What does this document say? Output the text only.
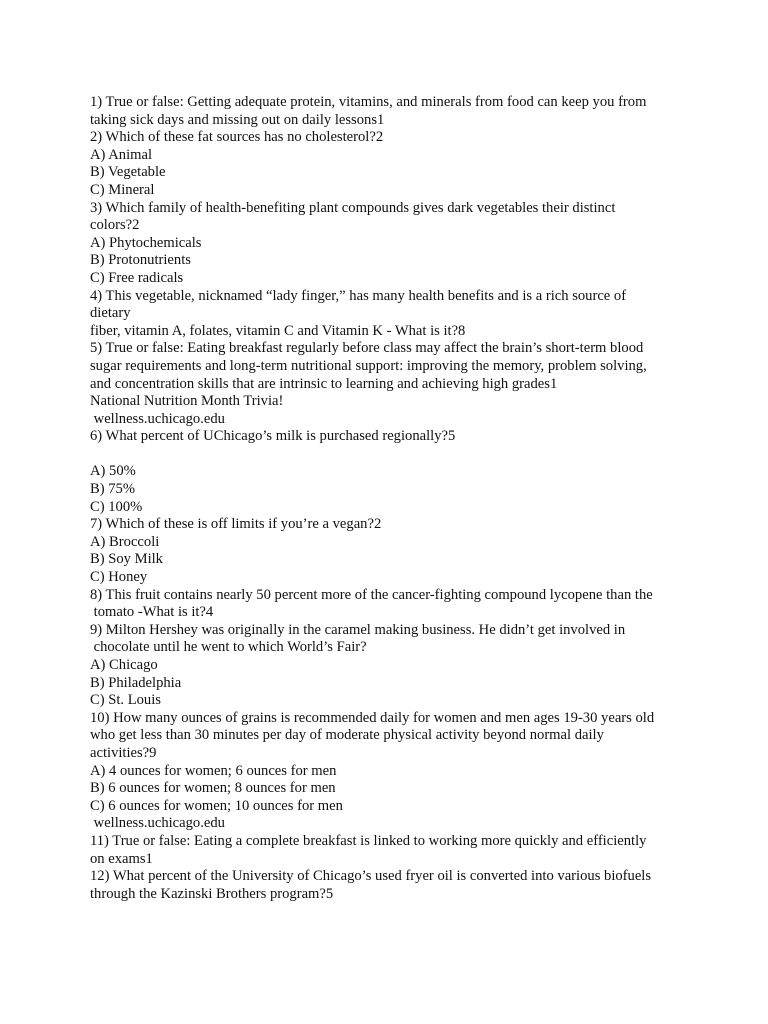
1) True or false: Getting adequate protein, vitamins, and minerals from food can keep you from
taking sick days and missing out on daily lessons1
2) Which of these fat sources has no cholesterol?2
A) Animal
B) Vegetable
C) Mineral
3) Which family of health-benefiting plant compounds gives dark vegetables their distinct
colors?2
A) Phytochemicals
B) Protonutrients
C) Free radicals
4) This vegetable, nicknamed “lady finger,” has many health benefits and is a rich source of
dietary
fiber, vitamin A, folates, vitamin C and Vitamin K - What is it?8
5) True or false: Eating breakfast regularly before class may affect the brain’s short-term blood
sugar requirements and long-term nutritional support: improving the memory, problem solving,
and concentration skills that are intrinsic to learning and achieving high grades1
National Nutrition Month Trivia!
wellness.uchicago.edu
6) What percent of UChicago’s milk is purchased regionally?5
A) 50%
B) 75%
C) 100%
7) Which of these is off limits if you’re a vegan?2
A) Broccoli
B) Soy Milk
C) Honey
8) This fruit contains nearly 50 percent more of the cancer-fighting compound lycopene than the
tomato -What is it?4
9) Milton Hershey was originally in the caramel making business. He didn’t get involved in
chocolate until he went to which World’s Fair?
A) Chicago
B) Philadelphia
C) St. Louis
10) How many ounces of grains is recommended daily for women and men ages 19-30 years old
who get less than 30 minutes per day of moderate physical activity beyond normal daily
activities?9
A) 4 ounces for women; 6 ounces for men
B) 6 ounces for women; 8 ounces for men
C) 6 ounces for women; 10 ounces for men
wellness.uchicago.edu
11) True or false: Eating a complete breakfast is linked to working more quickly and efficiently
on exams1
12) What percent of the University of Chicago’s used fryer oil is converted into various biofuels
through the Kazinski Brothers program?5
